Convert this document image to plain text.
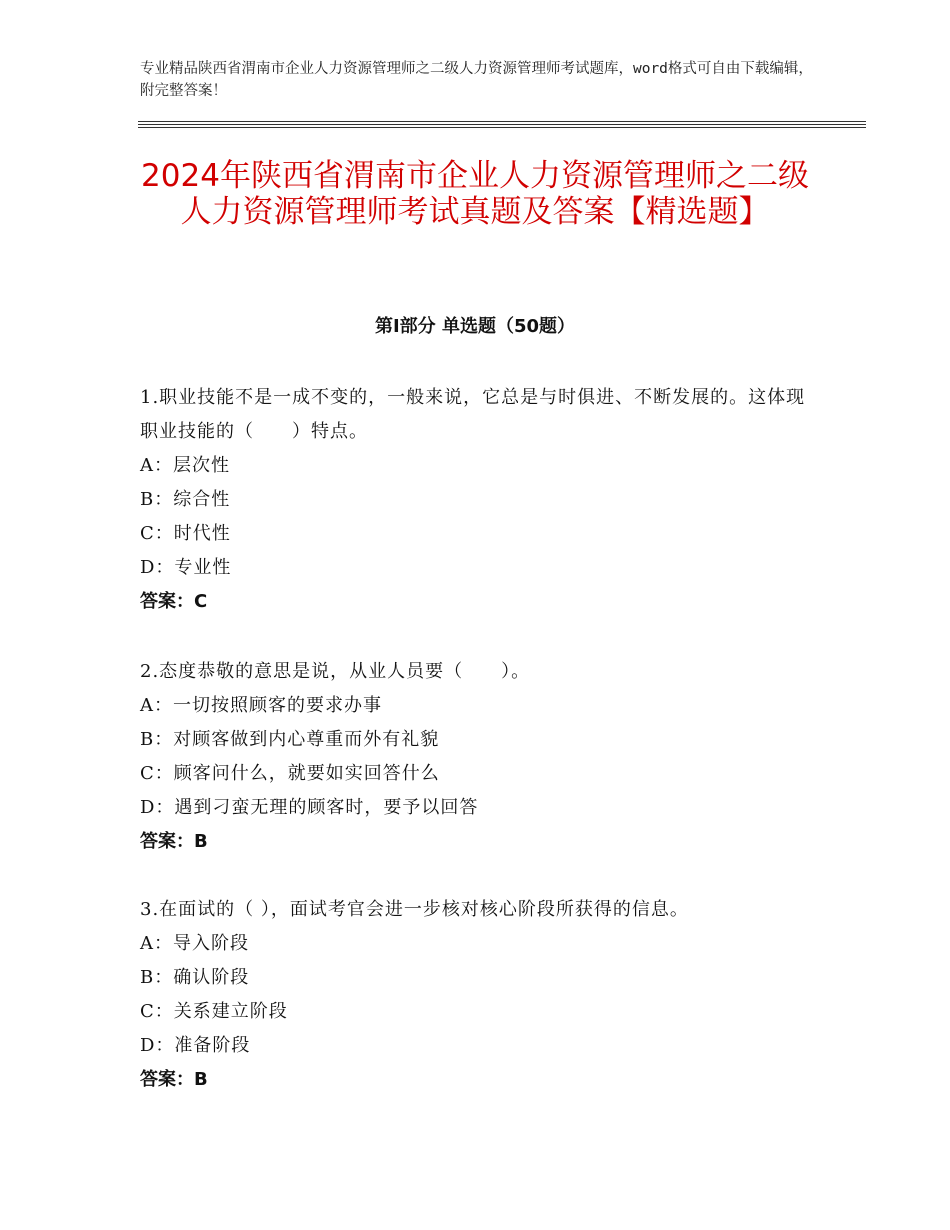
专业精品陕西省渭南市企业人力资源管理师之二级人力资源管理师考试题库，word格式可自由下载编辑，附完整答案！
2024年陕西省渭南市企业人力资源管理师之二级人力资源管理师考试真题及答案【精选题】
第Ⅰ部分 单选题（50题）
1.职业技能不是一成不变的，一般来说，它总是与时俱进、不断发展的。这体现职业技能的（　　）特点。
A：层次性
B：综合性
C：时代性
D：专业性
答案：C
2.态度恭敬的意思是说，从业人员要（　　）。
A：一切按照顾客的要求办事
B：对顾客做到内心尊重而外有礼貌
C：顾客问什么，就要如实回答什么
D：遇到刁蛮无理的顾客时，要予以回答
答案：B
3.在面试的（ ），面试考官会进一步核对核心阶段所获得的信息。
A：导入阶段
B：确认阶段
C：关系建立阶段
D：准备阶段
答案：B
